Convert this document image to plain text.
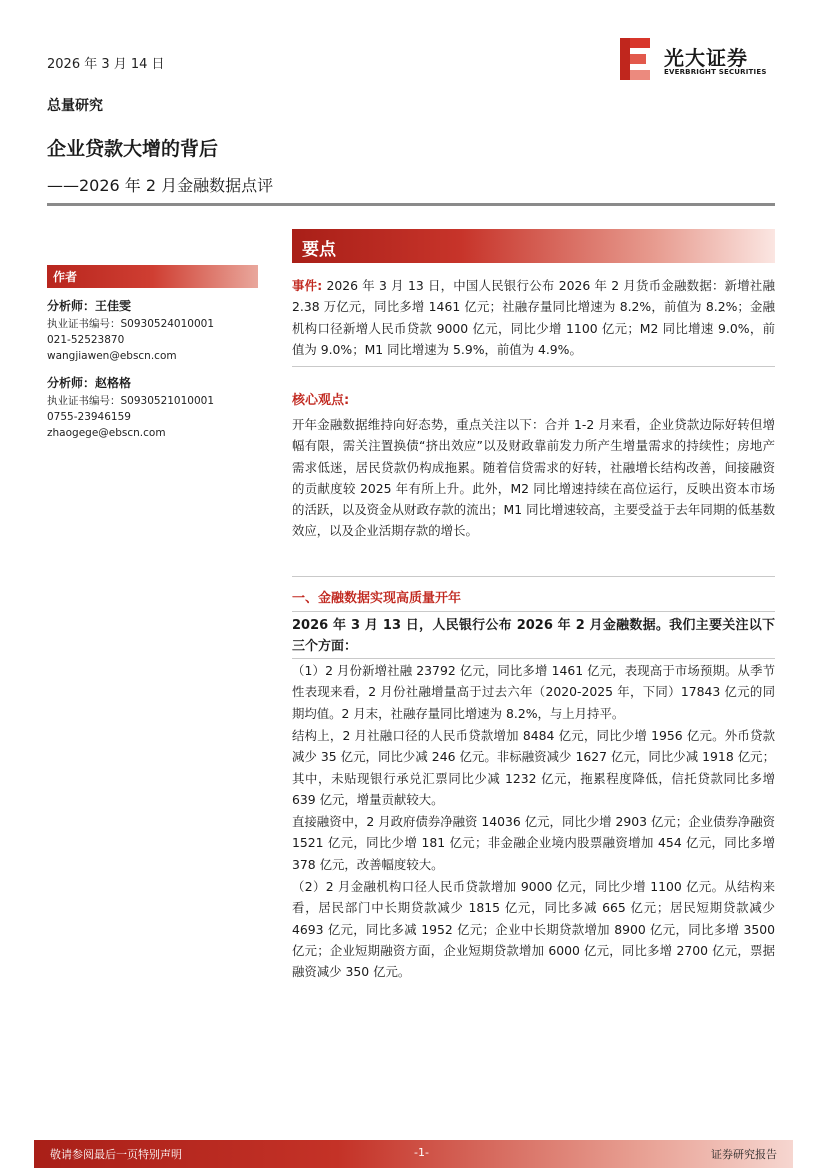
2026 年 3 月 14 日	光大证券
EVERBRIGHT SECURITIES
总量研究
企业贷款大增的背后
——2026 年 2 月金融数据点评
作者
分析师：王佳雯
执业证书编号：S0930524010001
021-52523870
wangjiawen@ebscn.com
分析师：赵格格
执业证书编号：S0930521010001
0755-23946159
zhaogege@ebscn.com
要点
事件: 2026 年 3 月 13 日，中国人民银行公布 2026 年 2 月货币金融数据：新增社融 2.38 万亿元，同比多增 1461 亿元；社融存量同比增速为 8.2%，前值为 8.2%；金融机构口径新增人民币贷款 9000 亿元，同比少增 1100 亿元；M2 同比增速 9.0%，前值为 9.0%；M1 同比增速为 5.9%，前值为 4.9%。
核心观点:
开年金融数据维持向好态势，重点关注以下：合并 1-2 月来看，企业贷款边际好转但增幅有限，需关注置换债“挤出效应”以及财政靠前发力所产生增量需求的持续性；房地产需求低迷，居民贷款仍构成拖累。随着信贷需求的好转，社融增长结构改善，间接融资的贡献度较 2025 年有所上升。此外，M2 同比增速持续在高位运行，反映出资本市场的活跃，以及资金从财政存款的流出；M1 同比增速较高，主要受益于去年同期的低基数效应，以及企业活期存款的增长。
一、金融数据实现高质量开年
2026 年 3 月 13 日，人民银行公布 2026 年 2 月金融数据。我们主要关注以下三个方面：
（1）2 月份新增社融 23792 亿元，同比多增 1461 亿元，表现高于市场预期。从季节性表现来看，2 月份社融增量高于过去六年（2020-2025 年，下同）17843 亿元的同期均值。2 月末，社融存量同比增速为 8.2%，与上月持平。
结构上，2 月社融口径的人民币贷款增加 8484 亿元，同比少增 1956 亿元。外币贷款减少 35 亿元，同比少减 246 亿元。非标融资减少 1627 亿元，同比少减 1918 亿元；其中，未贴现银行承兑汇票同比少减 1232 亿元，拖累程度降低，信托贷款同比多增 639 亿元，增量贡献较大。
直接融资中，2 月政府债券净融资 14036 亿元，同比少增 2903 亿元；企业债券净融资 1521 亿元，同比少增 181 亿元；非金融企业境内股票融资增加 454 亿元，同比多增 378 亿元，改善幅度较大。
（2）2 月金融机构口径人民币贷款增加 9000 亿元，同比少增 1100 亿元。从结构来看，居民部门中长期贷款减少 1815 亿元，同比多减 665 亿元；居民短期贷款减少 4693 亿元，同比多减 1952 亿元；企业中长期贷款增加 8900 亿元，同比多增 3500 亿元；企业短期融资方面，企业短期贷款增加 6000 亿元，同比多增 2700 亿元，票据融资减少 350 亿元。
敬请参阅最后一页特别声明	-1-	证券研究报告
